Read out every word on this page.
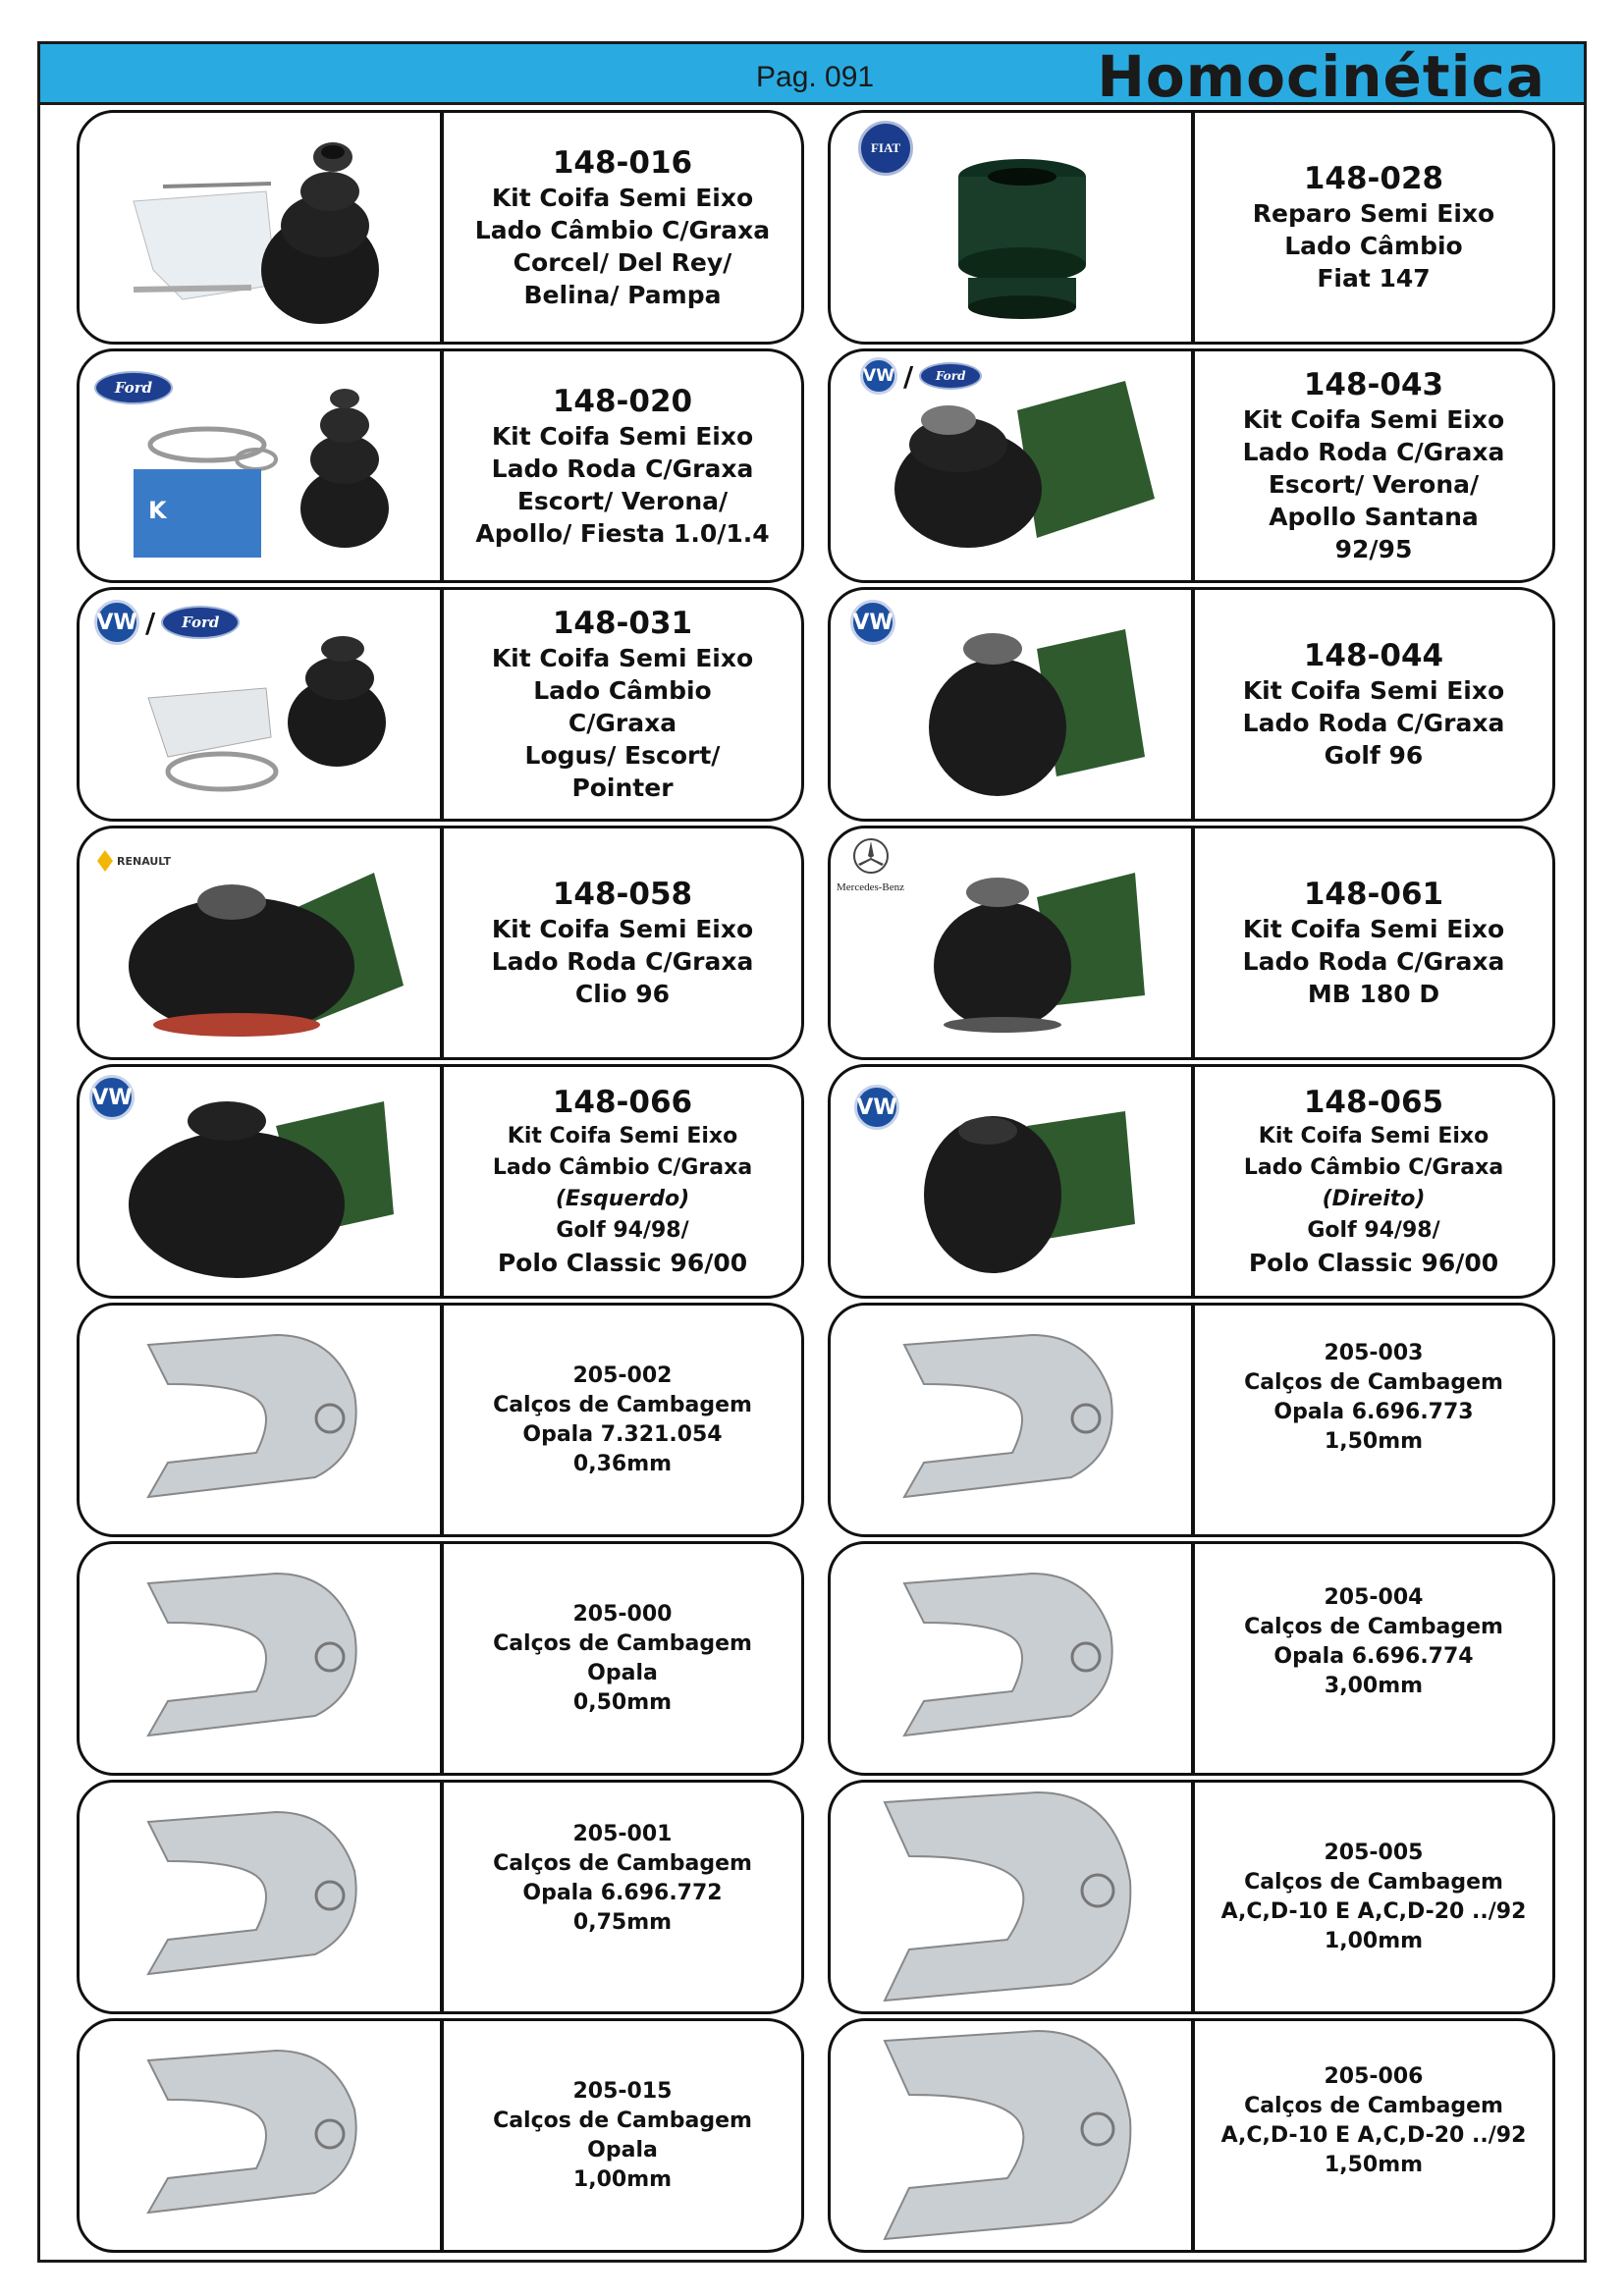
Pag. 091	Homocinética
148-016
Kit Coifa Semi Eixo
Lado Câmbio C/Graxa
Corcel/ Del Rey/
Belina/ Pampa
FIAT
148-028
Reparo Semi Eixo
Lado Câmbio
Fiat 147
Ford
K
148-020
Kit Coifa Semi Eixo
Lado Roda C/Graxa
Escort/ Verona/
Apollo/ Fiesta 1.0/1.4
VW /	Ford	148-043
Kit Coifa Semi Eixo
Lado Roda C/Graxa
Escort/ Verona/
Apollo Santana
92/95
VW /	Ford	148-031
Kit Coifa Semi Eixo
Lado Câmbio
C/Graxa
Logus/ Escort/
Pointer
VW
148-044
Kit Coifa Semi Eixo
Lado Roda C/Graxa
Golf 96
RENAULT
148-058
Kit Coifa Semi Eixo
Lado Roda C/Graxa
Clio 96
Mercedes-Benz	148-061
Kit Coifa Semi Eixo
Lado Roda C/Graxa
MB 180 D
VW	148-066
Kit Coifa Semi Eixo
Lado Câmbio C/Graxa
(Esquerdo)
Golf 94/98/
Polo Classic 96/00
VW	148-065
Kit Coifa Semi Eixo
Lado Câmbio C/Graxa
(Direito)
Golf 94/98/
Polo Classic 96/00
205-002
Calços de Cambagem
Opala 7.321.054
0,36mm
205-003
Calços de Cambagem
Opala 6.696.773
1,50mm
205-000
Calços de Cambagem
Opala
0,50mm
205-004
Calços de Cambagem
Opala 6.696.774
3,00mm
205-001
Calços de Cambagem
Opala 6.696.772
0,75mm
205-005
Calços de Cambagem
A,C,D-10 E A,C,D-20 ../92
1,00mm
205-015
Calços de Cambagem
Opala
1,00mm
205-006
Calços de Cambagem
A,C,D-10 E A,C,D-20 ../92
1,50mm
